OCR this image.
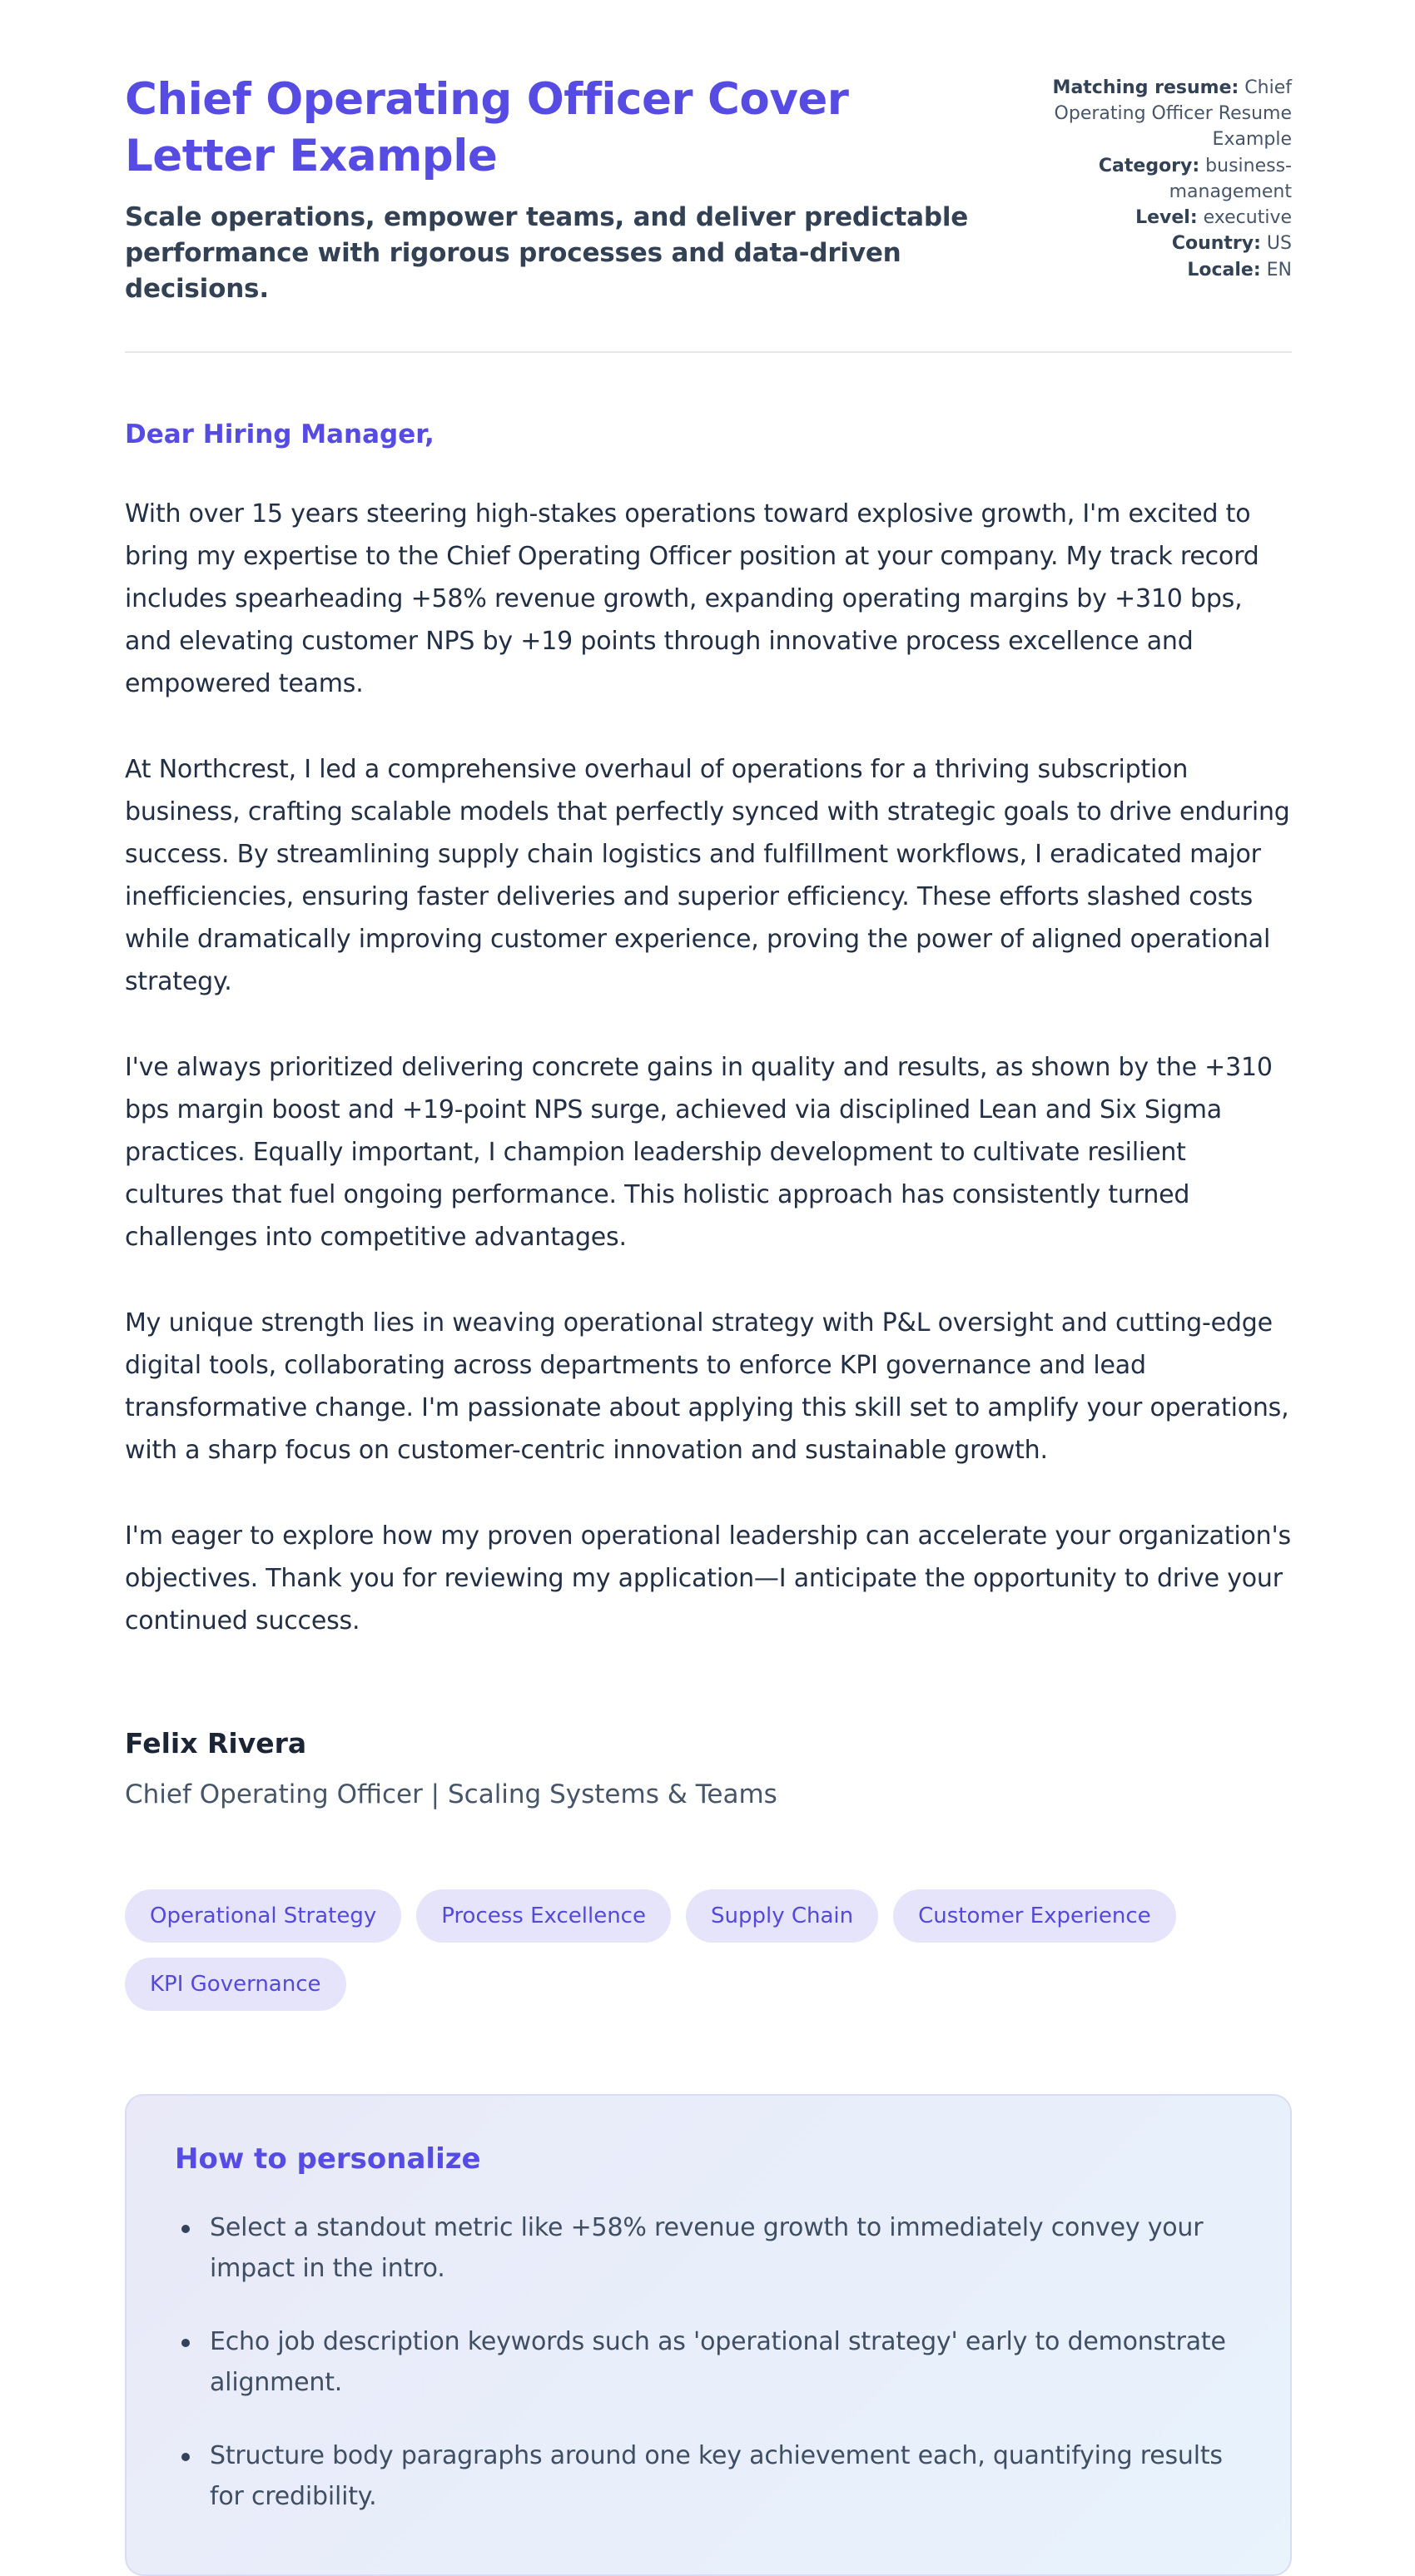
Chief Operating Officer Cover Letter Example

Scale operations, empower teams, and deliver predictable performance with rigorous processes and data-driven decisions.

Matching resume: Chief Operating Officer Resume Example
Category: business-management
Level: executive
Country: US
Locale: EN

Dear Hiring Manager,

With over 15 years steering high-stakes operations toward explosive growth, I'm excited to bring my expertise to the Chief Operating Officer position at your company. My track record includes spearheading +58% revenue growth, expanding operating margins by +310 bps, and elevating customer NPS by +19 points through innovative process excellence and empowered teams.

At Northcrest, I led a comprehensive overhaul of operations for a thriving subscription business, crafting scalable models that perfectly synced with strategic goals to drive enduring success. By streamlining supply chain logistics and fulfillment workflows, I eradicated major inefficiencies, ensuring faster deliveries and superior efficiency. These efforts slashed costs while dramatically improving customer experience, proving the power of aligned operational strategy.

I've always prioritized delivering concrete gains in quality and results, as shown by the +310 bps margin boost and +19-point NPS surge, achieved via disciplined Lean and Six Sigma practices. Equally important, I champion leadership development to cultivate resilient cultures that fuel ongoing performance. This holistic approach has consistently turned challenges into competitive advantages.

My unique strength lies in weaving operational strategy with P&L oversight and cutting-edge digital tools, collaborating across departments to enforce KPI governance and lead transformative change. I'm passionate about applying this skill set to amplify your operations, with a sharp focus on customer-centric innovation and sustainable growth.

I'm eager to explore how my proven operational leadership can accelerate your organization's objectives. Thank you for reviewing my application—I anticipate the opportunity to drive your continued success.

Felix Rivera

Chief Operating Officer | Scaling Systems & Teams

Operational Strategy	Process Excellence	Supply Chain	Customer Experience
KPI Governance
How to personalize
Select a standout metric like +58% revenue growth to immediately convey your impact in the intro.
Echo job description keywords such as 'operational strategy' early to demonstrate alignment.
Structure body paragraphs around one key achievement each, quantifying results for credibility.
